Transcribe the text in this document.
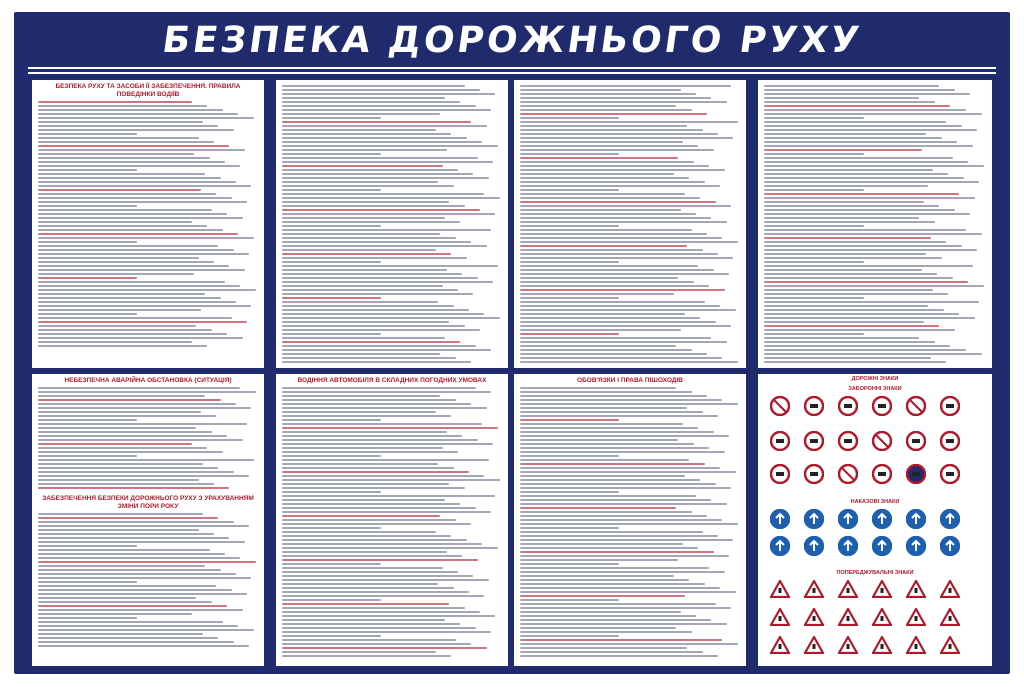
БЕЗПЕКА ДОРОЖНЬОГО РУХУ
БЕЗПЕКА РУХУ ТА ЗАСОБИ ЇЇ ЗАБЕЗПЕЧЕННЯ. ПРАВИЛА ПОВЕДІНКИ ВОДІЇВ
НЕБЕЗПЕЧНА АВАРІЙНА ОБСТАНОВКА (СИТУАЦІЯ)
ЗАБЕЗПЕЧЕННЯ БЕЗПЕКИ ДОРОЖНЬОГО РУХУ З УРАХУВАННЯМ ЗМІНИ ПОРИ РОКУ
ВОДІННЯ АВТОМОБІЛЯ В СКЛАДНИХ ПОГОДНИХ УМОВАХ	ОБОВ'ЯЗКИ І ПРАВА ПІШОХОДІВ	ДОРОЖНІ ЗНАКИ
ЗАБОРОННІ ЗНАКИ
НАКАЗОВІ ЗНАКИ
ПОПЕРЕДЖУВАЛЬНІ ЗНАКИ
